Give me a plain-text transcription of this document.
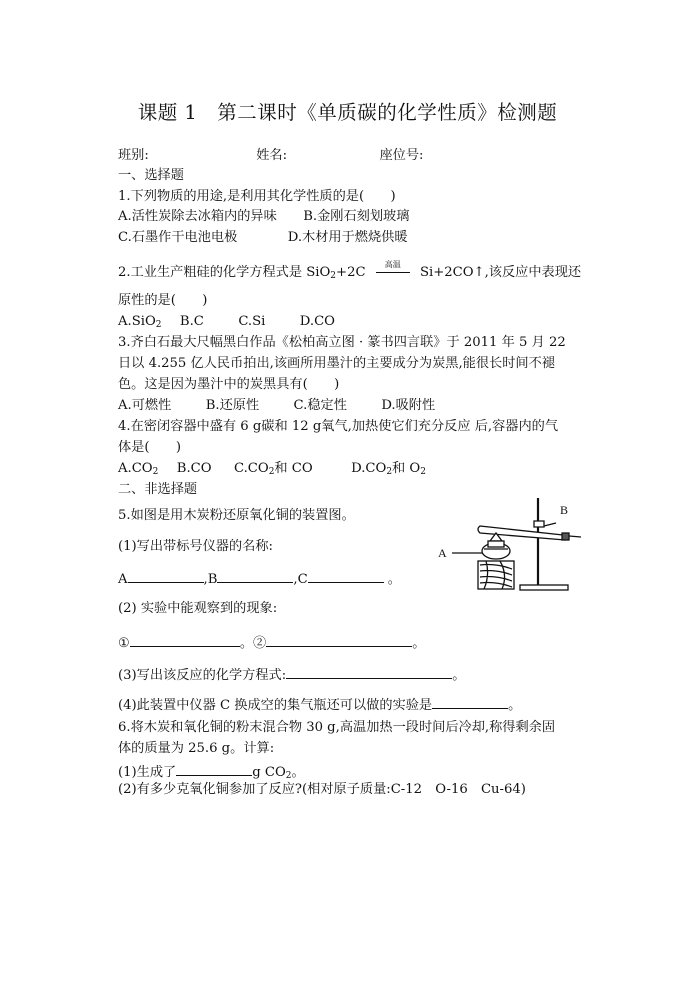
课题 1　第二课时《单质碳的化学性质》检测题
班别:	姓名:	座位号:
一、选择题
1.下列物质的用途,是利用其化学性质的是(　　)
A.活性炭除去冰箱内的异味 B.金刚石刻划玻璃
C.石墨作干电池电极	D.木材用于燃烧供暖
2.工业生产粗硅的化学方程式是 SiO$_2$+2C
高温
Si+2CO↑,该反应中表现还
原性的是(　　)
A.SiO$_2$ B.C	C.Si	D.CO
3.齐白石最大尺幅黑白作品《松柏高立图 · 篆书四言联》于 2011 年 5 月 22
日以 4.255 亿人民币拍出,该画所用墨汁的主要成分为炭黑,能很长时间不褪
色。这是因为墨汁中的炭黑具有(　　)
A.可燃性	B.还原性	C.稳定性	D.吸附性
4.在密闭容器中盛有 6 g碳和 12 g氧气,加热使它们充分反应 后,容器内的气
体是(　　)
$A.CO_2$ B.CO $C.CO_2$和 CO	$D.CO_2$和 $O_2$
二、非选择题
5.如图是用木炭粉还原氧化铜的装置图。
(1)写出带标号仪器的名称:
A	,B	,C	。
(2) 实验中能观察到的现象:
①	。②	。
(3)写出该反应的化学方程式:	。
(4)此装置中仪器 C 换成空的集气瓶还可以做的实验是	。
A
B
6.将木炭和氧化铜的粉末混合物 30 g,高温加热一段时间后冷却,称得剩余固
体的质量为 25.6 g。计算:
(1)生成了	g $CO_2$。
(2)有多少克氧化铜参加了反应?(相对原子质量:C-12　O-16　Cu-64)
